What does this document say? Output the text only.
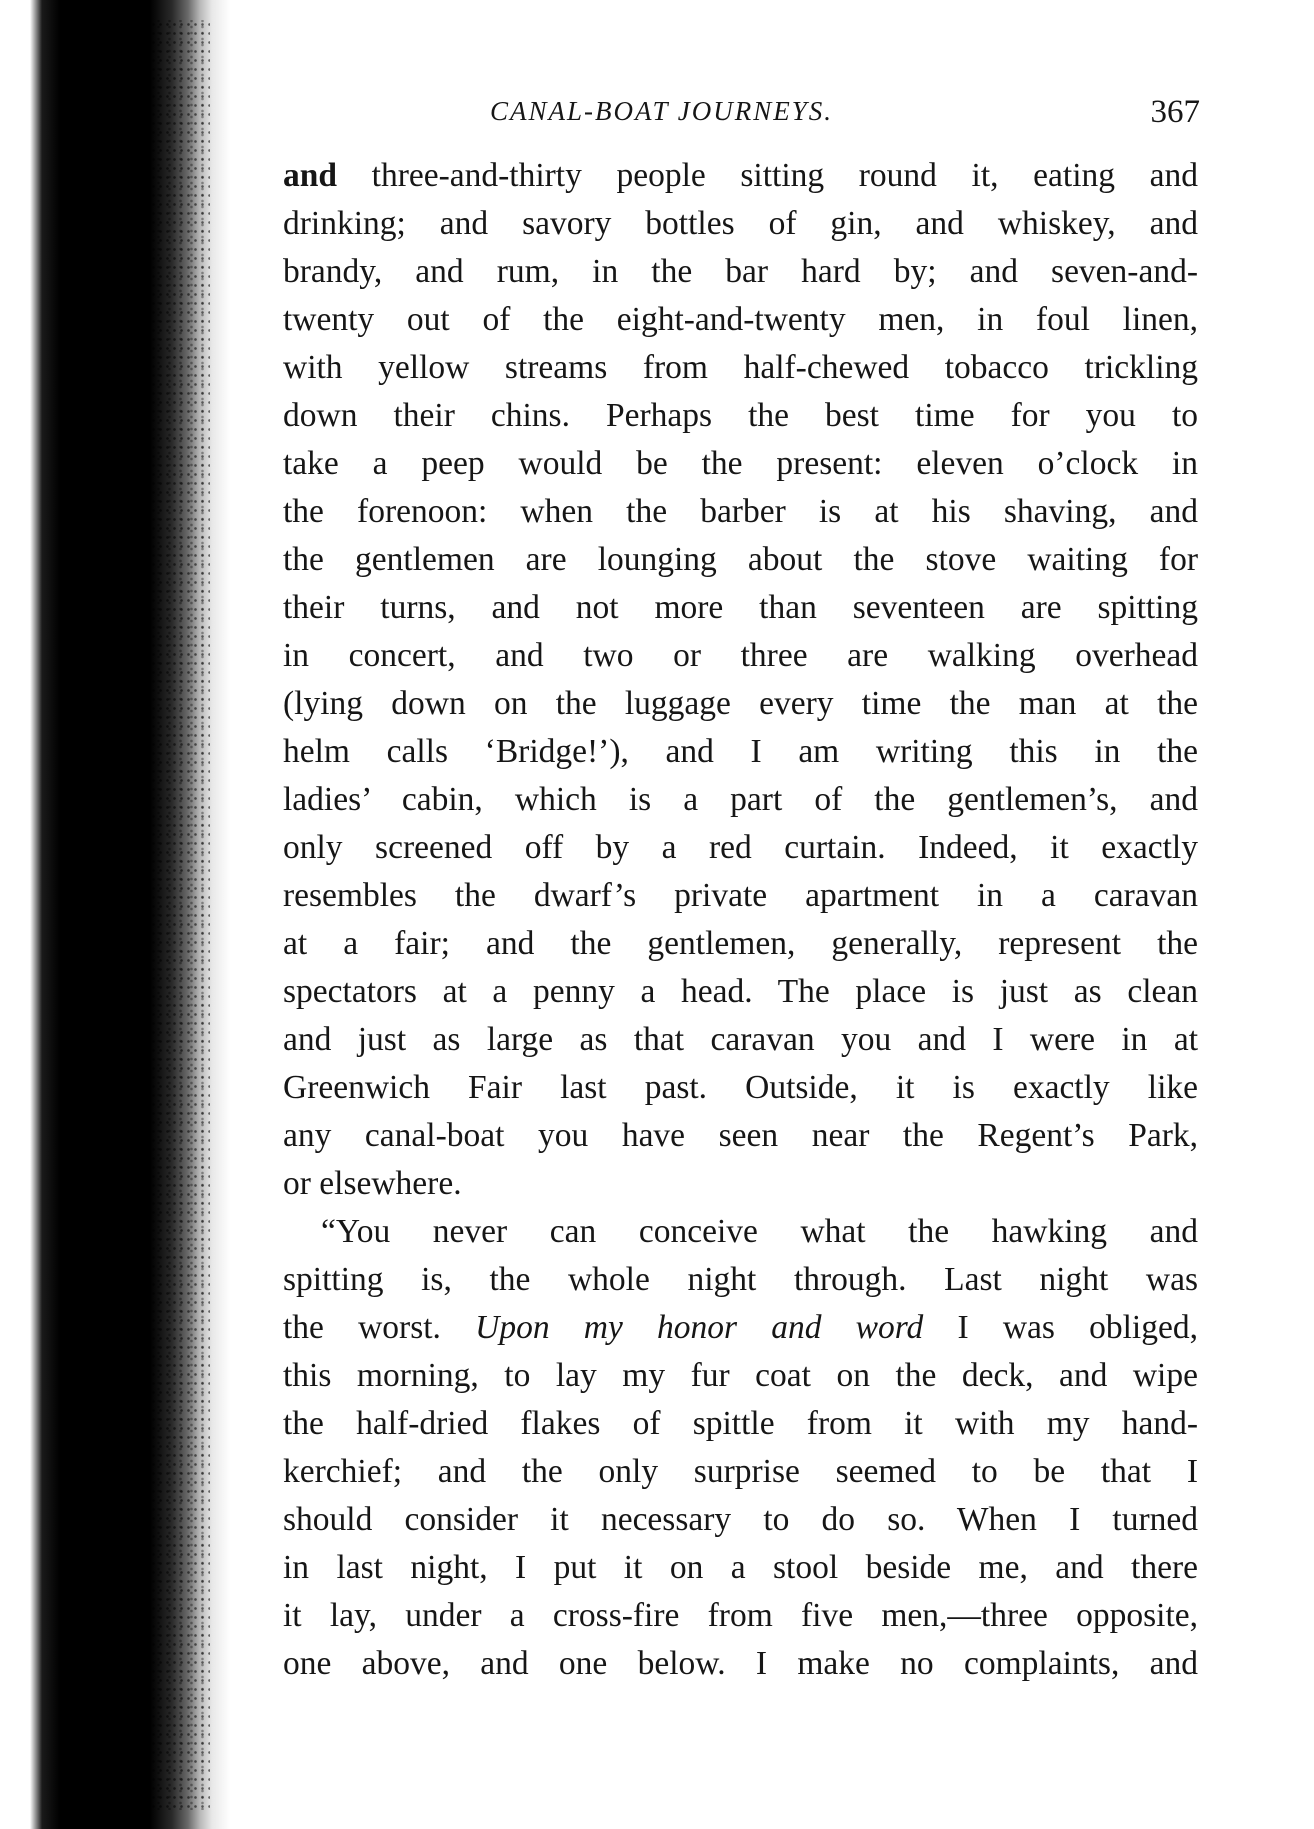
CANAL-BOAT JOURNEYS.	367
and three-and-thirty people sitting round it, eating and
drinking; and savory bottles of gin, and whiskey, and
brandy, and rum, in the bar hard by; and seven-and-
twenty out of the eight-and-twenty men, in foul linen,
with yellow streams from half-chewed tobacco trickling
down their chins. Perhaps the best time for you to
take a peep would be the present: eleven o’clock in
the forenoon: when the barber is at his shaving, and
the gentlemen are lounging about the stove waiting for
their turns, and not more than seventeen are spitting
in concert, and two or three are walking overhead
(lying down on the luggage every time the man at the
helm calls ‘Bridge!’), and I am writing this in the
ladies’ cabin, which is a part of the gentlemen’s, and
only screened off by a red curtain. Indeed, it exactly
resembles the dwarf’s private apartment in a caravan
at a fair; and the gentlemen, generally, represent the
spectators at a penny a head. The place is just as clean
and just as large as that caravan you and I were in at
Greenwich Fair last past. Outside, it is exactly like
any canal-boat you have seen near the Regent’s Park,
or elsewhere.
“You never can conceive what the hawking and
spitting is, the whole night through. Last night was
the worst. Upon my honor and word I was obliged,
this morning, to lay my fur coat on the deck, and wipe
the half-dried flakes of spittle from it with my hand-
kerchief; and the only surprise seemed to be that I
should consider it necessary to do so. When I turned
in last night, I put it on a stool beside me, and there
it lay, under a cross-fire from five men,—three opposite,
one above, and one below. I make no complaints, and
